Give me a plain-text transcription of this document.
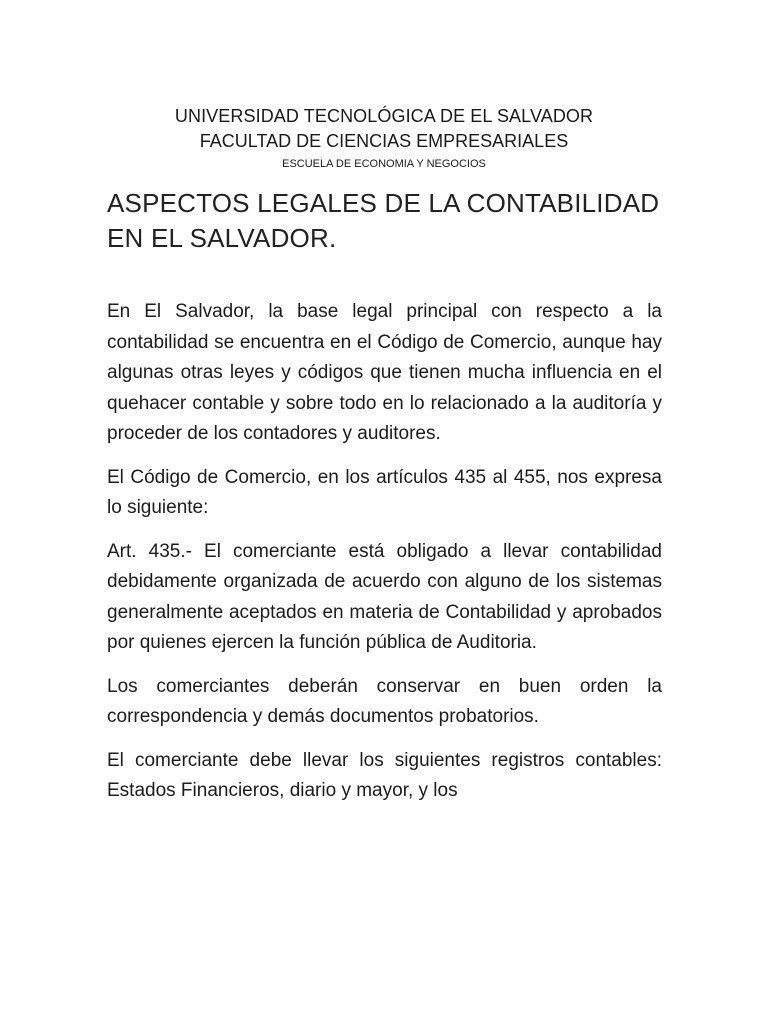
UNIVERSIDAD TECNOLÓGICA DE EL SALVADOR
FACULTAD DE CIENCIAS EMPRESARIALES
ESCUELA DE ECONOMIA Y NEGOCIOS
ASPECTOS LEGALES DE LA CONTABILIDAD EN EL SALVADOR.

En El Salvador, la base legal principal con respecto a la contabilidad se encuentra en el Código de Comercio, aunque hay algunas otras leyes y códigos que tienen mucha influencia en el quehacer contable y sobre todo en lo relacionado a la auditoría y proceder de los contadores y auditores.

El Código de Comercio, en los artículos 435 al 455, nos expresa lo siguiente:

Art. 435.- El comerciante está obligado a llevar contabilidad debidamente organizada de acuerdo con alguno de los sistemas generalmente aceptados en materia de Contabilidad y aprobados por quienes ejercen la función pública de Auditoria.

Los comerciantes deberán conservar en buen orden la correspondencia y demás documentos probatorios.

El comerciante debe llevar los siguientes registros contables: Estados Financieros, diario y mayor, y los
